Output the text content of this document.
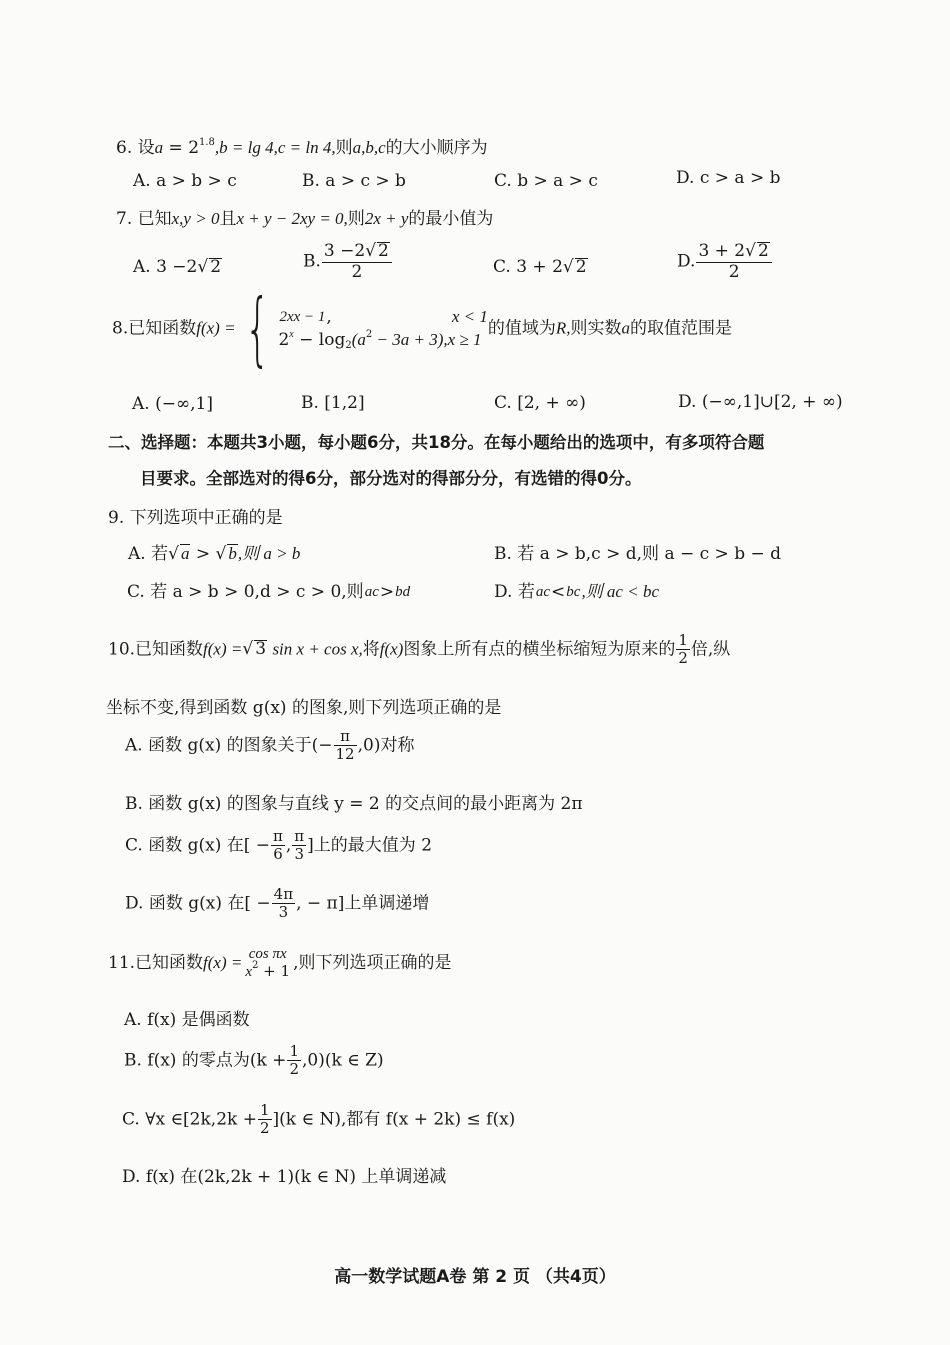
6. 设$a = 2^{1.8},b = \lg 4,c = \ln 4$,则a,b,c的大小顺序为
A. a > b > c	B. a > c > b	C. b > a > c	D. c > a > b
7. 已知x,y > 0且x + y − 2xy = 0,则2x + y的最小值为
A. 3 −2 √ 2	B. $\frac{3 -2 √ 2}{2}$	C. 3 + 2 √ 2	D. $\frac{3 + 2 √ 2}{2}$
8.已知函数f(x) = { 2xx − 1,	x < 1
$2^x - \log_2(a^2 - 3a + 3),x \ge 1$
的值域为R,则实数a的取值范围是
A. (−∞,1]	B. [1,2]	C. [2, + ∞)	D. (−∞,1]∪[2, + ∞)
二、选择题：本题共3小题，每小题6分，共18分。在每小题给出的选项中，有多项符合题
目要求。全部选对的得6分，部分选对的得部分分，有选错的得0分。
9. 下列选项中正确的是
A. 若 √ a > √ b,则 a > b	B. 若 a > b,c > d,则 a − c > b − d
C. 若 a > b > 0,d > c > 0,则ac>bd	D. 若ac<bc,则 ac < bc
10.已知函数f(x) = √ 3 sin x + cos x,将f(x)图象上所有点的横坐标缩短为原来的 $\frac{1}{2}$ 倍,纵
坐标不变,得到函数 g(x) 的图象,则下列选项正确的是
A. 函数 g(x) 的图象关于(− $\frac{\pi}{12} ,0$)对称
B. 函数 g(x) 的图象与直线 y = 2 的交点间的最小距离为 2π
C. 函数 g(x) 在[ − $\frac{\pi}{6}$ , $\frac{\pi}{3}$ ]上的最大值为 2
D. 函数 g(x) 在[ − $\frac{4\pi}{3}$ , − π]上单调递增
11.已知函数f(x) = cos πx
$x^2 + 1$ ,则下列选项正确的是
A. f(x) 是偶函数
B. f(x) 的零点为$(k + \frac{1}{2} ,0)(k$ ∈ Z)
C. ∀x ∈[2k,2k + $\frac{1}{2} ](k$ ∈ N),都有 f(x + 2k) ≤ f(x)
D. f(x) 在(2k,2k + 1)(k ∈ N) 上单调递减
高一数学试题A卷 第 2 页 （共4页）
